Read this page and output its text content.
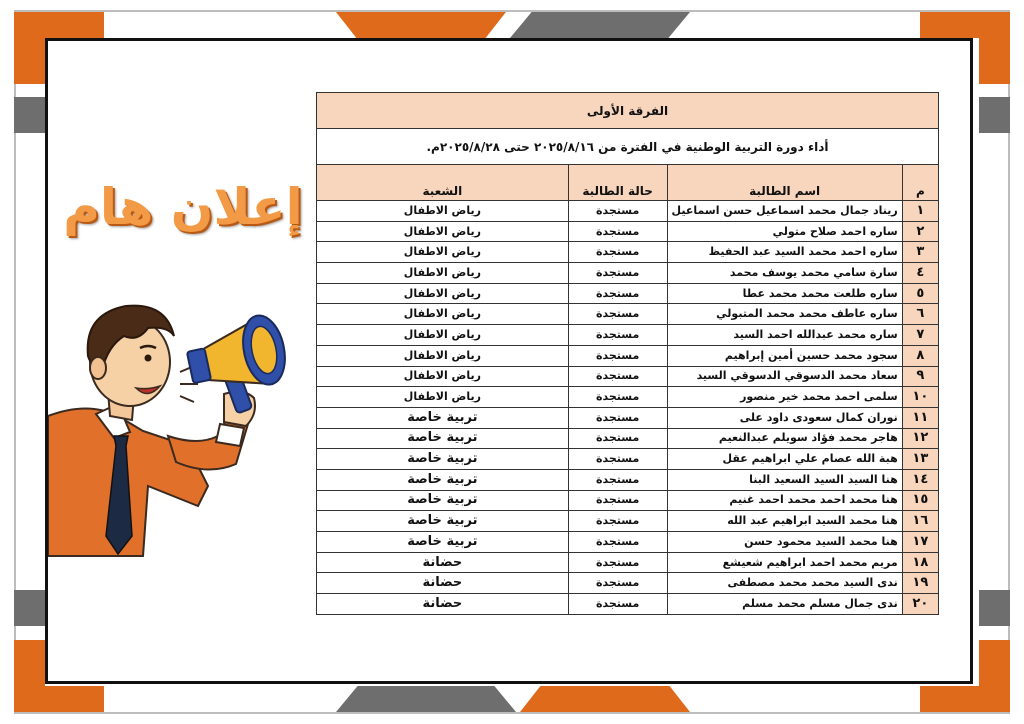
إعلان هام
الفرقة الأولى			
أداء دورة التربية الوطنية في الفترة من ٢٠٢٥/٨/١٦ حتى ٢٠٢٥/٨/٢٨م.			
م	اسم الطالبة	حالة الطالبة	الشعبة
١	ريناد جمال محمد اسماعيل حسن اسماعيل	مستجدة	رياض الاطفال
٢	ساره احمد صلاح متولي	مستجدة	رياض الاطفال
٣	ساره احمد محمد السيد عبد الحفيظ	مستجدة	رياض الاطفال
٤	سارة سامي محمد يوسف محمد	مستجدة	رياض الاطفال
٥	ساره طلعت محمد محمد عطا	مستجدة	رياض الاطفال
٦	ساره عاطف محمد محمد المتبولي	مستجدة	رياض الاطفال
٧	ساره محمد عبدالله احمد السيد	مستجدة	رياض الاطفال
٨	سجود محمد حسين أمين إبراهيم	مستجدة	رياض الاطفال
٩	سعاد محمد الدسوقي الدسوقي السيد	مستجدة	رياض الاطفال
١٠	سلمى احمد محمد خير منصور	مستجدة	رياض الاطفال
١١	نوران كمال سعودى داود على	مستجدة	تربية خاصة
١٢	هاجر محمد فؤاد سويلم عبدالنعيم	مستجدة	تربية خاصة
١٣	هبة الله عصام علي ابراهيم عقل	مستجدة	تربية خاصة
١٤	هنا السيد السيد السعيد البنا	مستجدة	تربية خاصة
١٥	هنا محمد احمد محمد احمد غنيم	مستجدة	تربية خاصة
١٦	هنا محمد السيد ابراهيم عبد الله	مستجدة	تربية خاصة
١٧	هنا محمد السيد محمود حسن	مستجدة	تربية خاصة
١٨	مريم محمد احمد ابراهيم شعيشع	مستجدة	حضانة
١٩	ندى السيد محمد محمد مصطفى	مستجدة	حضانة
٢٠	ندى جمال مسلم محمد مسلم	مستجدة	حضانة
